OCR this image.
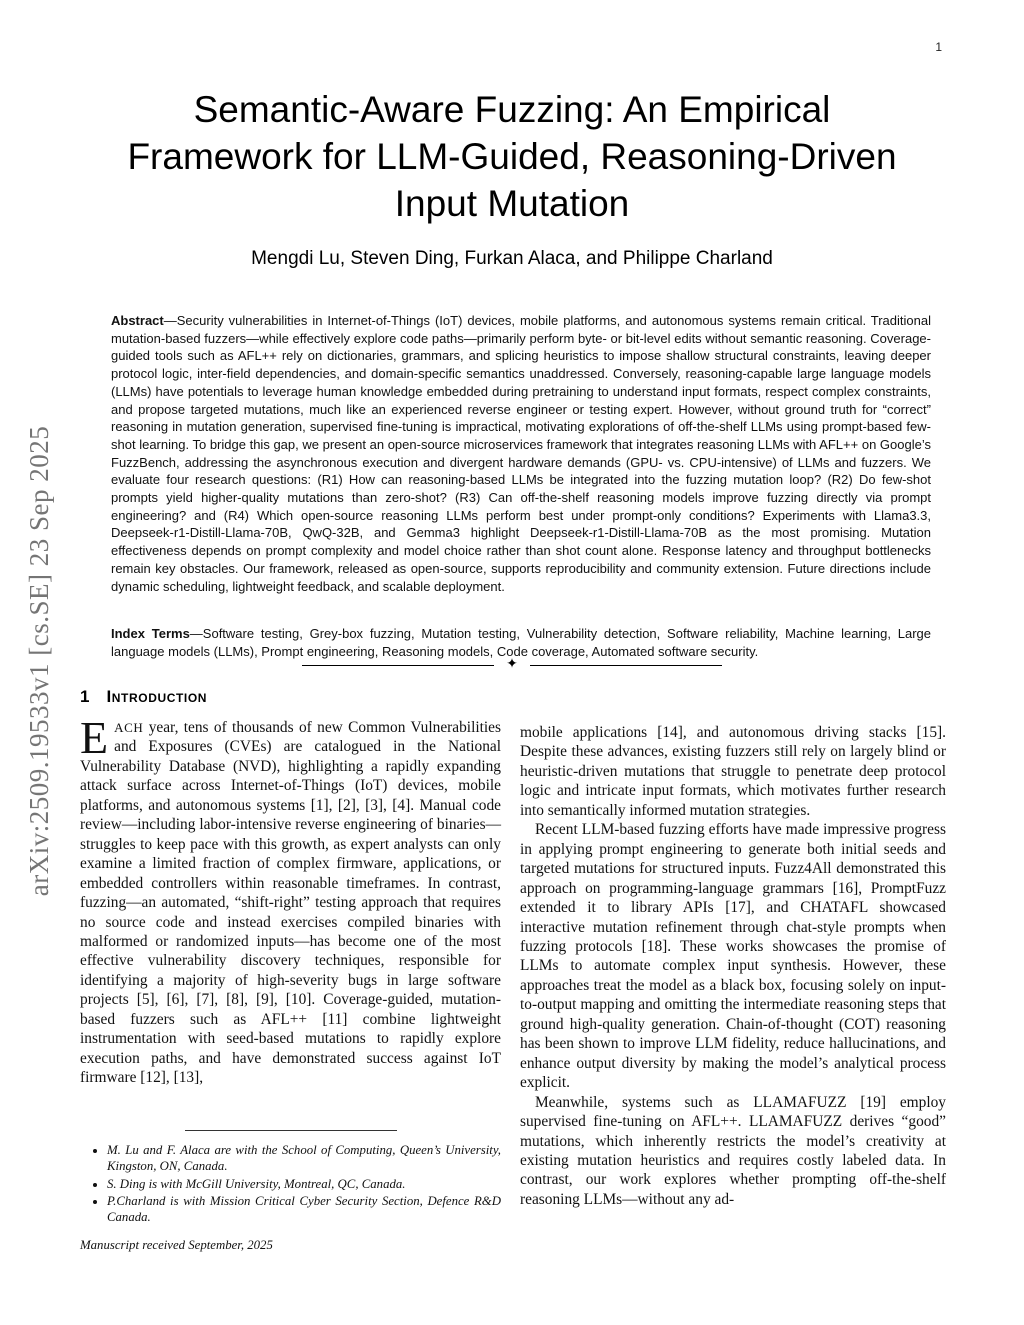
arXiv:2509.19533v1 [cs.SE] 23 Sep 2025
1
Semantic-Aware Fuzzing: An Empirical
Framework for LLM-Guided, Reasoning-Driven
Input Mutation
Mengdi Lu, Steven Ding, Furkan Alaca, and Philippe Charland

Abstract—Security vulnerabilities in Internet-of-Things (IoT) devices, mobile platforms, and autonomous systems remain critical. Traditional mutation-based fuzzers—while effectively explore code paths—primarily perform byte- or bit-level edits without semantic reasoning. Coverage-guided tools such as AFL++ rely on dictionaries, grammars, and splicing heuristics to impose shallow structural constraints, leaving deeper protocol logic, inter-field dependencies, and domain-specific semantics unaddressed. Conversely, reasoning-capable large language models (LLMs) have potentials to leverage human knowledge embedded during pretraining to understand input formats, respect complex constraints, and propose targeted mutations, much like an experienced reverse engineer or testing expert. However, without ground truth for “correct” reasoning in mutation generation, supervised fine-tuning is impractical, motivating explorations of off-the-shelf LLMs using prompt-based few-shot learning. To bridge this gap, we present an open-source microservices framework that integrates reasoning LLMs with AFL++ on Google’s FuzzBench, addressing the asynchronous execution and divergent hardware demands (GPU- vs. CPU-intensive) of LLMs and fuzzers. We evaluate four research questions: (R1) How can reasoning-based LLMs be integrated into the fuzzing mutation loop? (R2) Do few-shot prompts yield higher-quality mutations than zero-shot? (R3) Can off-the-shelf reasoning models improve fuzzing directly via prompt engineering? and (R4) Which open-source reasoning LLMs perform best under prompt-only conditions? Experiments with Llama3.3, Deepseek-r1-Distill-Llama-70B, QwQ-32B, and Gemma3 highlight Deepseek-r1-Distill-Llama-70B as the most promising. Mutation effectiveness depends on prompt complexity and model choice rather than shot count alone. Response latency and throughput bottlenecks remain key obstacles. Our framework, released as open-source, supports reproducibility and community extension. Future directions include dynamic scheduling, lightweight feedback, and scalable deployment.

Index Terms—Software testing, Grey-box fuzzing, Mutation testing, Vulnerability detection, Software reliability, Machine learning, Large language models (LLMs), Prompt engineering, Reasoning models, Code coverage, Automated software security.

✦
1 Introduction

EACH year, tens of thousands of new Common Vulnerabilities and Exposures (CVEs) are catalogued in the National Vulnerability Database (NVD), highlighting a rapidly expanding attack surface across Internet-of-Things (IoT) devices, mobile platforms, and autonomous systems [1], [2], [3], [4]. Manual code review—including labor-intensive reverse engineering of binaries—struggles to keep pace with this growth, as expert analysts can only examine a limited fraction of complex firmware, applications, or embedded controllers within reasonable timeframes. In contrast, fuzzing—an automated, “shift-right” testing approach that requires no source code and instead exercises compiled binaries with malformed or randomized inputs—has become one of the most effective vulnerability discovery techniques, responsible for identifying a majority of high-severity bugs in large software projects [5], [6], [7], [8], [9], [10]. Coverage-guided, mutation-based fuzzers such as AFL++ [11] combine lightweight instrumentation with seed-based mutations to rapidly explore execution paths, and have demonstrated success against IoT firmware [12], [13],

mobile applications [14], and autonomous driving stacks [15]. Despite these advances, existing fuzzers still rely on largely blind or heuristic-driven mutations that struggle to penetrate deep protocol logic and intricate input formats, which motivates further research into semantically informed mutation strategies.

Recent LLM-based fuzzing efforts have made impressive progress in applying prompt engineering to generate both initial seeds and targeted mutations for structured inputs. Fuzz4All demonstrated this approach on programming-language grammars [16], PromptFuzz extended it to library APIs [17], and CHATAFL showcased interactive mutation refinement through chat-style prompts when fuzzing protocols [18]. These works showcases the promise of LLMs to automate complex input synthesis. However, these approaches treat the model as a black box, focusing solely on input-to-output mapping and omitting the intermediate reasoning steps that ground high-quality generation. Chain-of-thought (COT) reasoning has been shown to improve LLM fidelity, reduce hallucinations, and enhance output diversity by making the model’s analytical process explicit.

Meanwhile, systems such as LLAMAFUZZ [19] employ supervised fine-tuning on AFL++. LLAMAFUZZ derives “good” mutations, which inherently restricts the model’s creativity at existing mutation heuristics and requires costly labeled data. In contrast, our work explores whether prompting off-the-shelf reasoning LLMs—without any ad-

• M. Lu and F. Alaca are with the School of Computing, Queen’s University, Kingston, ON, Canada.
• S. Ding is with McGill University, Montreal, QC, Canada.
• P.Charland is with Mission Critical Cyber Security Section, Defence R&D Canada.
Manuscript received September, 2025
